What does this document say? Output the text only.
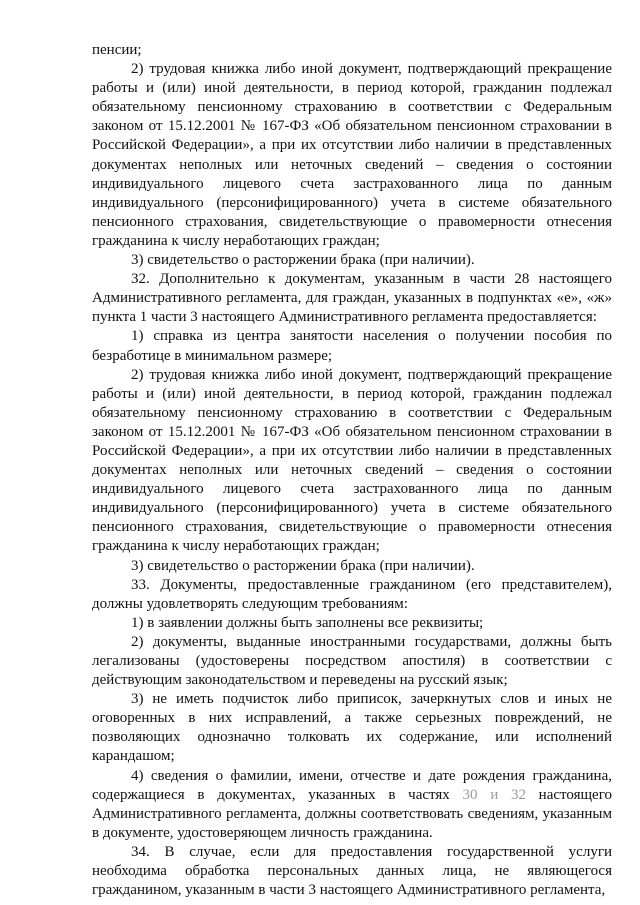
пенсии;

2) трудовая книжка либо иной документ, подтверждающий прекращение работы и (или) иной деятельности, в период которой, гражданин подлежал обязательному пенсионному страхованию в соответствии с Федеральным законом от 15.12.2001 № 167-ФЗ «Об обязательном пенсионном страховании в Российской Федерации», а при их отсутствии либо наличии в представленных документах неполных или неточных сведений – сведения о состоянии индивидуального лицевого счета застрахованного лица по данным индивидуального (персонифицированного) учета в системе обязательного пенсионного страхования, свидетельствующие о правомерности отнесения гражданина к числу неработающих граждан;

3) свидетельство о расторжении брака (при наличии).

32. Дополнительно к документам, указанным в части 28 настоящего Административного регламента, для граждан, указанных в подпунктах «е», «ж» пункта 1 части 3 настоящего Административного регламента предоставляется:

1) справка из центра занятости населения о получении пособия по безработице в минимальном размере;

2) трудовая книжка либо иной документ, подтверждающий прекращение работы и (или) иной деятельности, в период которой, гражданин подлежал обязательному пенсионному страхованию в соответствии с Федеральным законом от 15.12.2001 № 167-ФЗ «Об обязательном пенсионном страховании в Российской Федерации», а при их отсутствии либо наличии в представленных документах неполных или неточных сведений – сведения о состоянии индивидуального лицевого счета застрахованного лица по данным индивидуального (персонифицированного) учета в системе обязательного пенсионного страхования, свидетельствующие о правомерности отнесения гражданина к числу неработающих граждан;

3) свидетельство о расторжении брака (при наличии).

33. Документы, предоставленные гражданином (его представителем), должны удовлетворять следующим требованиям:

1) в заявлении должны быть заполнены все реквизиты;

2) документы, выданные иностранными государствами, должны быть легализованы (удостоверены посредством апостиля) в соответствии с действующим законодательством и переведены на русский язык;

3) не иметь подчисток либо приписок, зачеркнутых слов и иных не оговоренных в них исправлений, а также серьезных повреждений, не позволяющих однозначно толковать их содержание, или исполнений карандашом;

4) сведения о фамилии, имени, отчестве и дате рождения гражданина, содержащиеся в документах, указанных в частях 30 и 32 настоящего Административного регламента, должны соответствовать сведениям, указанным в документе, удостоверяющем личность гражданина.

34. В случае, если для предоставления государственной услуги необходима обработка персональных данных лица, не являющегося гражданином, указанным в части 3 настоящего Административного регламента,
